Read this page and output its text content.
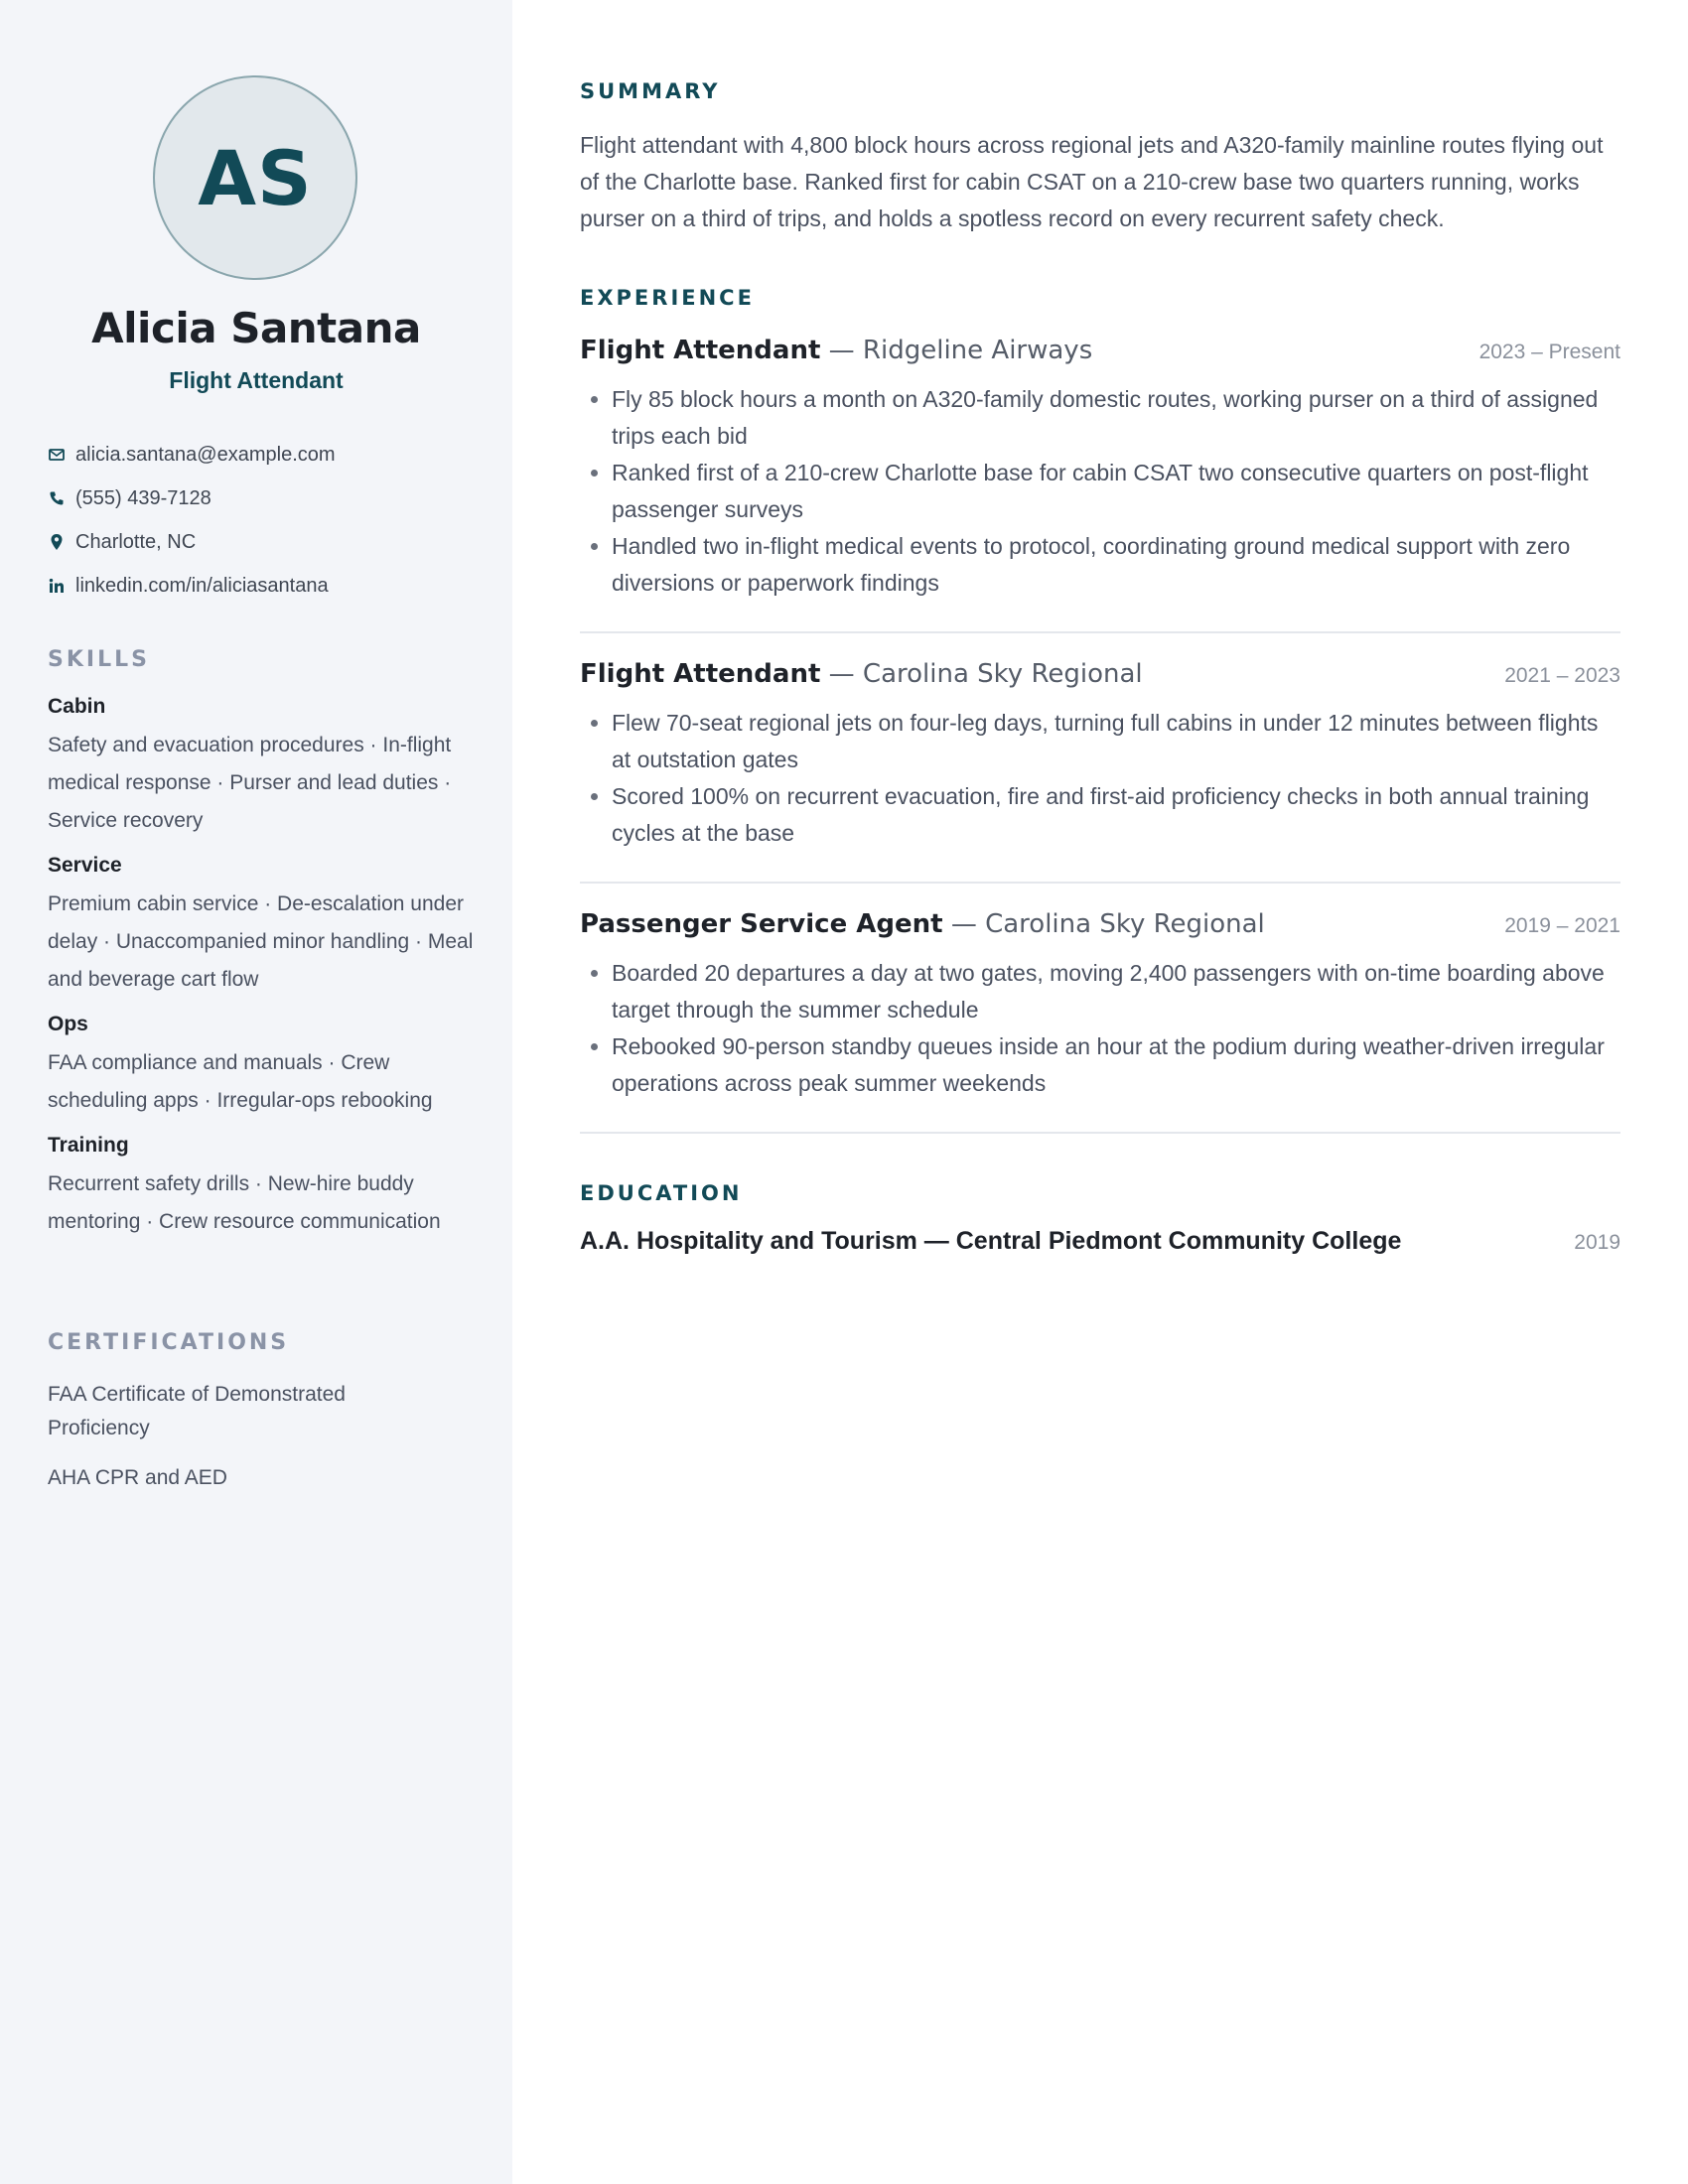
AS
Alicia Santana
Flight Attendant
alicia.santana@example.com
(555) 439-7128
Charlotte, NC
linkedin.com/in/aliciasantana
SKILLS
Cabin
Safety and evacuation procedures · In-flight medical response · Purser and lead duties · Service recovery
Service
Premium cabin service · De-escalation under delay · Unaccompanied minor handling · Meal and beverage cart flow
Ops
FAA compliance and manuals · Crew scheduling apps · Irregular-ops rebooking
Training
Recurrent safety drills · New-hire buddy mentoring · Crew resource communication
CERTIFICATIONS
FAA Certificate of Demonstrated Proficiency
AHA CPR and AED
SUMMARY
Flight attendant with 4,800 block hours across regional jets and A320-family mainline routes flying out of the Charlotte base. Ranked first for cabin CSAT on a 210-crew base two quarters running, works purser on a third of trips, and holds a spotless record on every recurrent safety check.
EXPERIENCE
Flight Attendant — Ridgeline Airways	2023 – Present
• Fly 85 block hours a month on A320-family domestic routes, working purser on a third of assigned trips each bid
• Ranked first of a 210-crew Charlotte base for cabin CSAT two consecutive quarters on post-flight passenger surveys
• Handled two in-flight medical events to protocol, coordinating ground medical support with zero diversions or paperwork findings
Flight Attendant — Carolina Sky Regional	2021 – 2023
• Flew 70-seat regional jets on four-leg days, turning full cabins in under 12 minutes between flights at outstation gates
• Scored 100% on recurrent evacuation, fire and first-aid proficiency checks in both annual training cycles at the base
Passenger Service Agent — Carolina Sky Regional	2019 – 2021
• Boarded 20 departures a day at two gates, moving 2,400 passengers with on-time boarding above target through the summer schedule
• Rebooked 90-person standby queues inside an hour at the podium during weather-driven irregular operations across peak summer weekends
EDUCATION
A.A. Hospitality and Tourism — Central Piedmont Community College	2019
